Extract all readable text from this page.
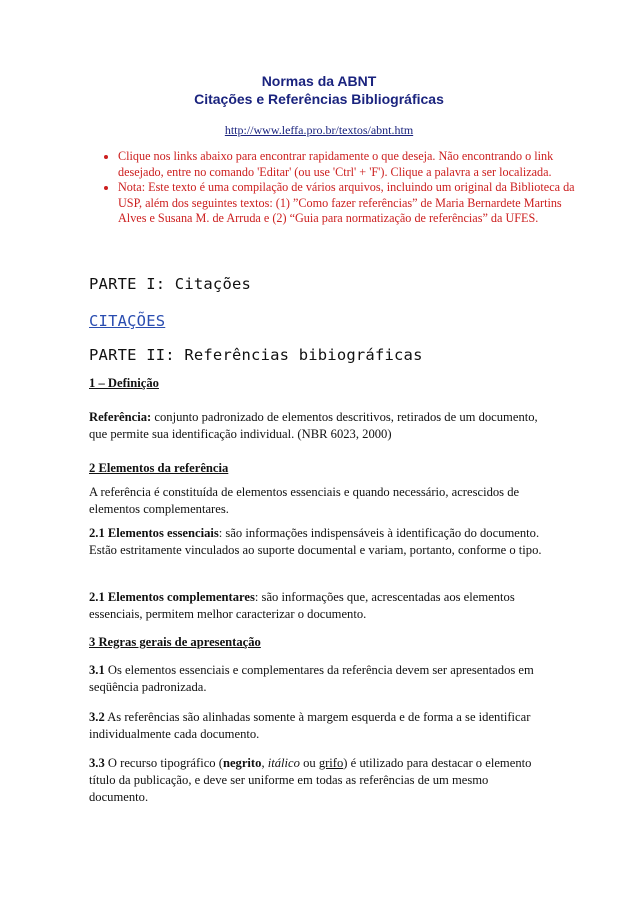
Normas da ABNT
Citações e Referências Bibliográficas
http://www.leffa.pro.br/textos/abnt.htm
• Clique nos links abaixo para encontrar rapidamente o que deseja. Não encontrando o link desejado, entre no comando 'Editar' (ou use 'Ctrl' + 'F'). Clique a palavra a ser localizada.
• Nota: Este texto é uma compilação de vários arquivos, incluindo um original da Biblioteca da USP, além dos seguintes textos: (1) ”Como fazer referências” de Maria Bernardete Martins Alves e Susana M. de Arruda e (2) “Guia para normatização de referências” da UFES.
PARTE I: Citações
CITAÇÕES
PARTE II: Referências bibiográficas
1 – Definição
Referência: conjunto padronizado de elementos descritivos, retirados de um documento, que permite sua identificação individual. (NBR 6023, 2000)
2 Elementos da referência
A referência é constituída de elementos essenciais e quando necessário, acrescidos de elementos complementares.
2.1 Elementos essenciais: são informações indispensáveis à identificação do documento. Estão estritamente vinculados ao suporte documental e variam, portanto, conforme o tipo.
2.1 Elementos complementares: são informações que, acrescentadas aos elementos essenciais, permitem melhor caracterizar o documento.
3 Regras gerais de apresentação
3.1 Os elementos essenciais e complementares da referência devem ser apresentados em seqüência padronizada.
3.2 As referências são alinhadas somente à margem esquerda e de forma a se identificar individualmente cada documento.
3.3 O recurso tipográfico (negrito, itálico ou grifo) é utilizado para destacar o elemento título da publicação, e deve ser uniforme em todas as referências de um mesmo documento.
